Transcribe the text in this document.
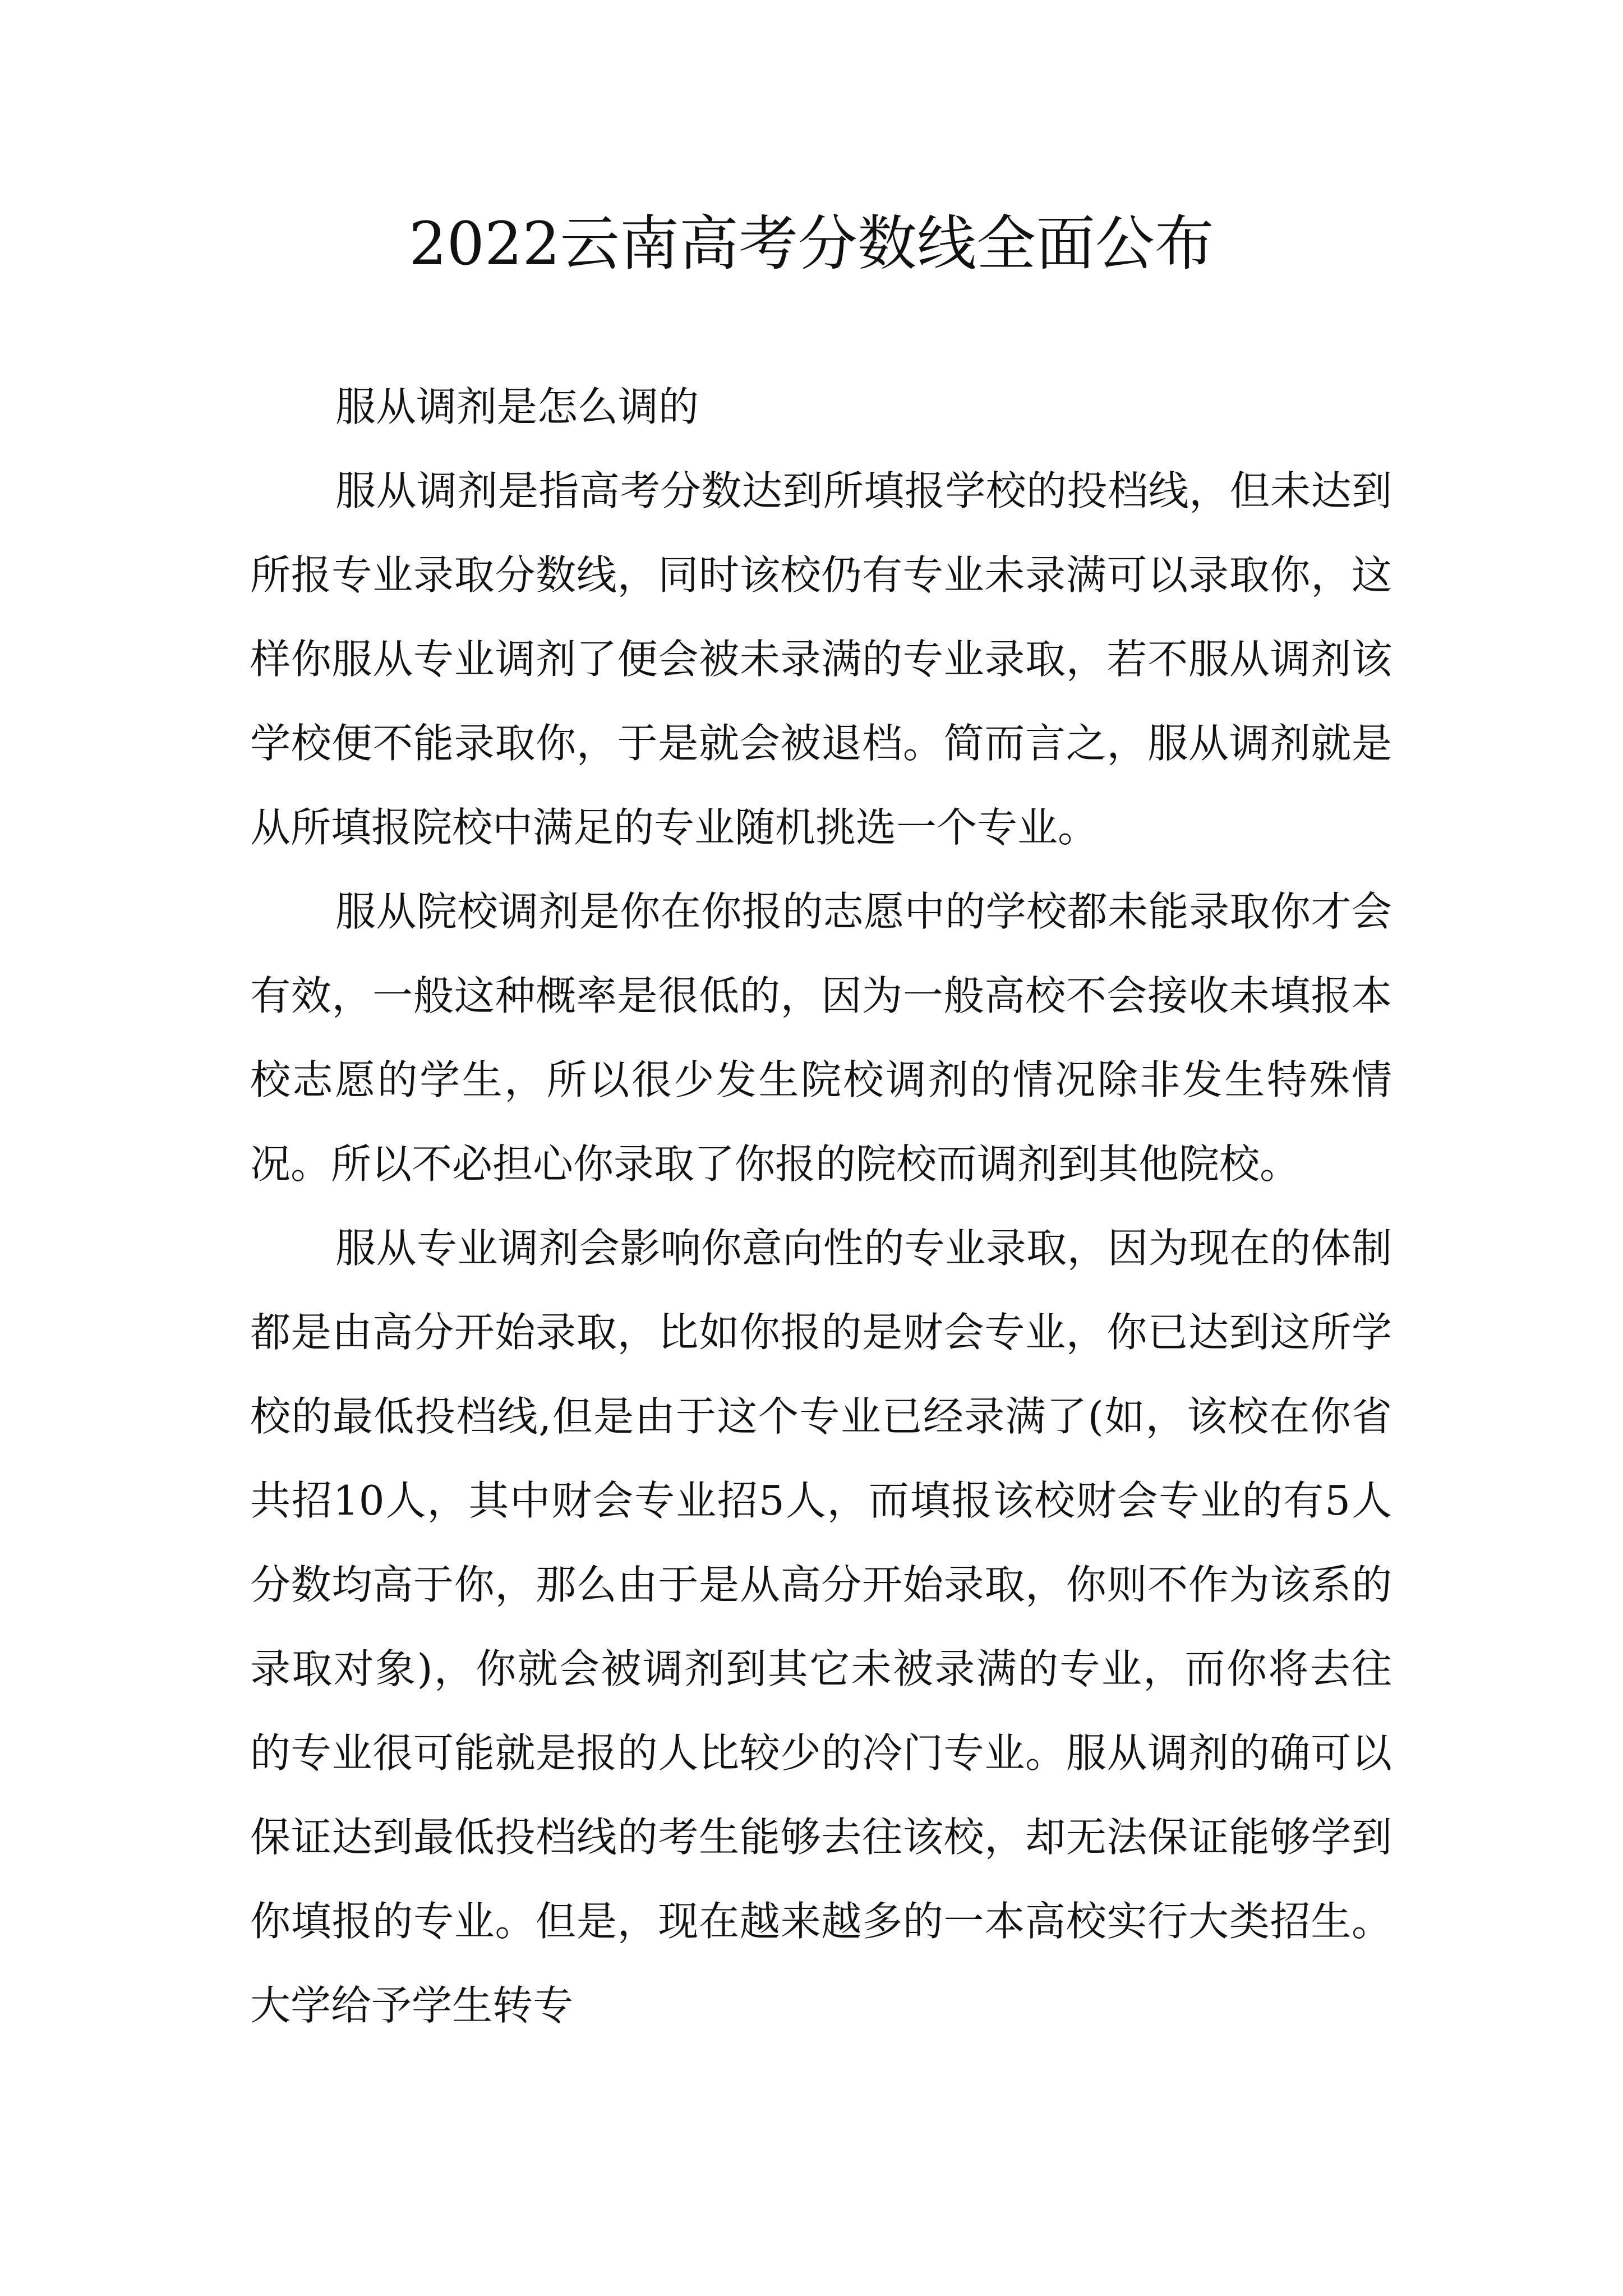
2022云南高考分数线全面公布

服从调剂是怎么调的

服从调剂是指高考分数达到所填报学校的投档线，但未达到所报专业录取分数线，同时该校仍有专业未录满可以录取你，这样你服从专业调剂了便会被未录满的专业录取，若不服从调剂该学校便不能录取你，于是就会被退档。简而言之，服从调剂就是从所填报院校中满足的专业随机挑选一个专业。

服从院校调剂是你在你报的志愿中的学校都未能录取你才会有效，一般这种概率是很低的，因为一般高校不会接收未填报本校志愿的学生，所以很少发生院校调剂的情况除非发生特殊情况。所以不必担心你录取了你报的院校而调剂到其他院校。

服从专业调剂会影响你意向性的专业录取，因为现在的体制都是由高分开始录取，比如你报的是财会专业，你已达到这所学校的最低投档线,但是由于这个专业已经录满了(如，该校在你省共招10人，其中财会专业招5人，而填报该校财会专业的有5人分数均高于你，那么由于是从高分开始录取，你则不作为该系的录取对象)，你就会被调剂到其它未被录满的专业，而你将去往的专业很可能就是报的人比较少的冷门专业。服从调剂的确可以保证达到最低投档线的考生能够去往该校，却无法保证能够学到你填报的专业。但是，现在越来越多的一本高校实行大类招生。大学给予学生转专
